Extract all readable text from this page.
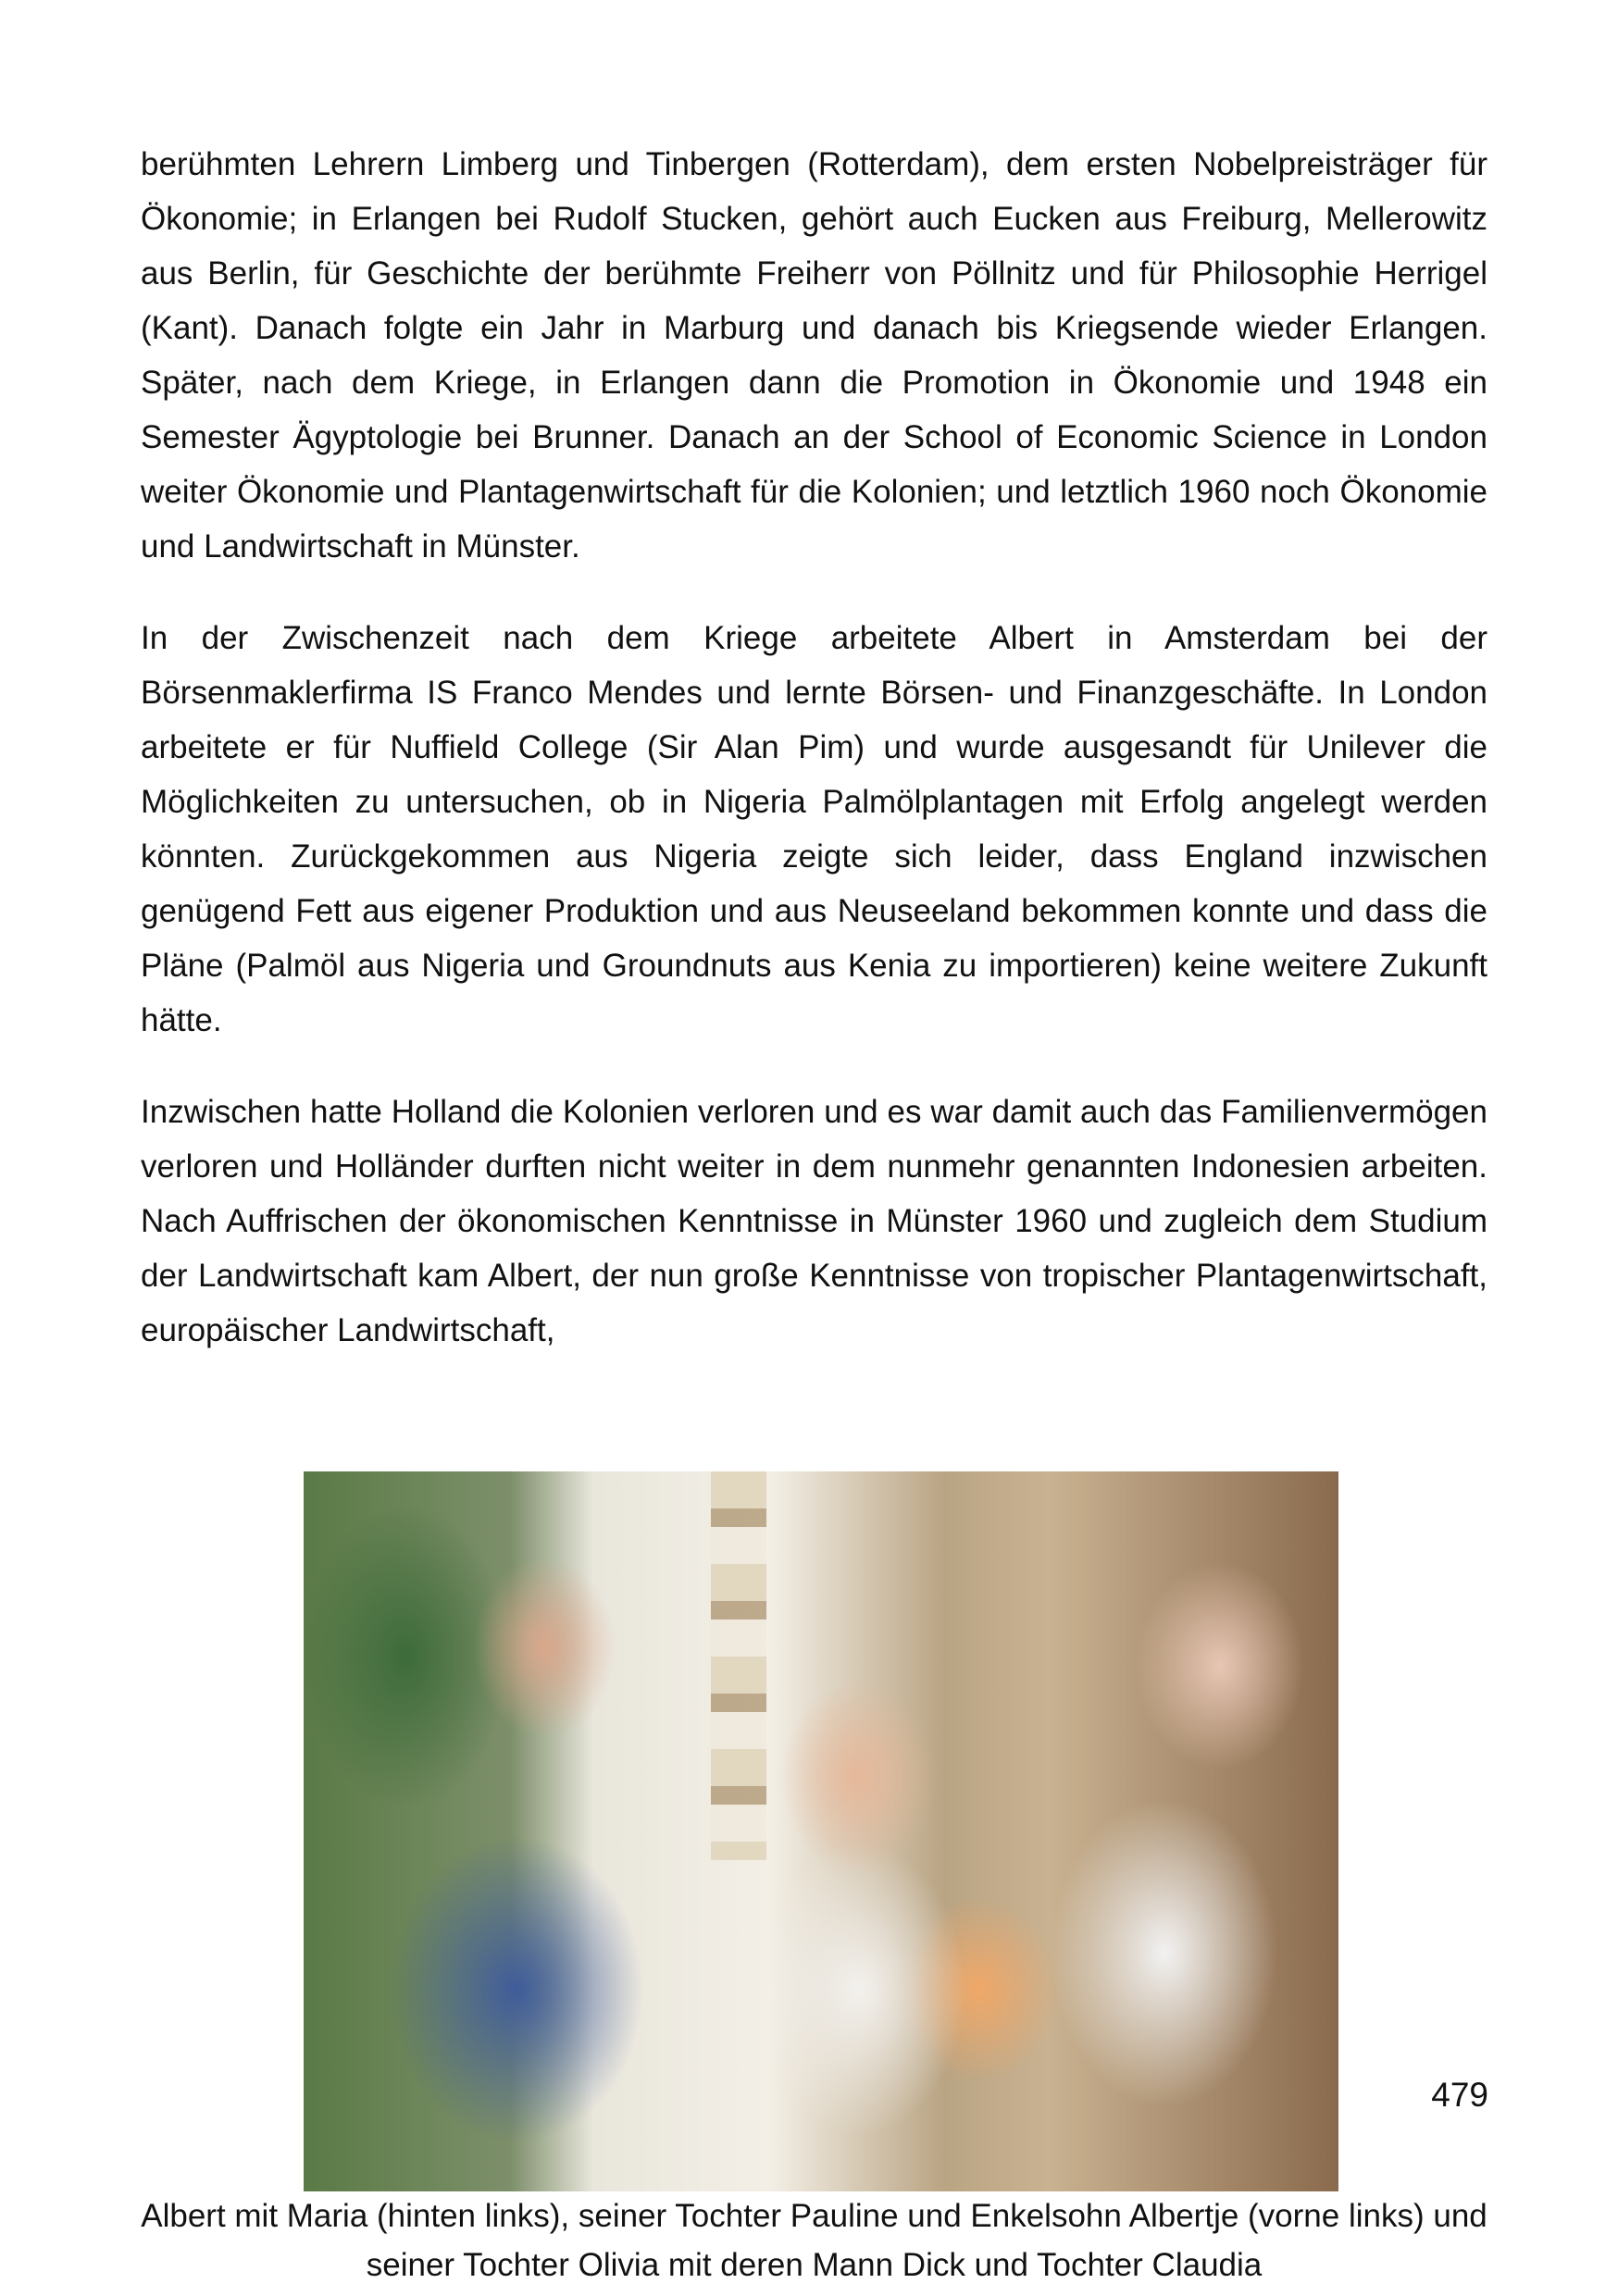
berühmten Lehrern Limberg und Tinbergen (Rotterdam), dem ersten Nobelpreisträger für Ökonomie; in Erlangen bei Rudolf Stucken, gehört auch Eucken aus Freiburg, Mellerowitz aus Berlin, für Geschichte der berühmte Freiherr von Pöllnitz und für Philosophie Herrigel (Kant). Danach folgte ein Jahr in Marburg und danach bis Kriegsende wieder Erlangen. Später, nach dem Kriege, in Erlangen dann die Promotion in Ökonomie und 1948 ein Semester Ägyptologie bei Brunner. Danach an der School of Economic Science in London weiter Ökonomie und Plantagenwirtschaft für die Kolonien; und letztlich 1960 noch Ökonomie und Landwirtschaft in Münster.

In der Zwischenzeit nach dem Kriege arbeitete Albert in Amsterdam bei der Börsenmaklerfirma IS Franco Mendes und lernte Börsen- und Finanzgeschäfte. In London arbeitete er für Nuffield College (Sir Alan Pim) und wurde ausgesandt für Unilever die Möglichkeiten zu untersuchen, ob in Nigeria Palmölplantagen mit Erfolg angelegt werden könnten. Zurückgekommen aus Nigeria zeigte sich leider, dass England inzwischen genügend Fett aus eigener Produktion und aus Neuseeland bekommen konnte und dass die Pläne (Palmöl aus Nigeria und Groundnuts aus Kenia zu importieren) keine weitere Zukunft hätte.

Inzwischen hatte Holland die Kolonien verloren und es war damit auch das Familienvermögen verloren und Holländer durften nicht weiter in dem nunmehr genannten Indonesien arbeiten. Nach Auffrischen der ökonomischen Kenntnisse in Münster 1960 und zugleich dem Studium der Landwirtschaft kam Albert, der nun große Kenntnisse von tropischer Plantagenwirtschaft, europäischer Landwirtschaft,

479
Albert mit Maria (hinten links), seiner Tochter Pauline und Enkelsohn Albertje (vorne links) und seiner Tochter Olivia mit deren Mann Dick und Tochter Claudia
